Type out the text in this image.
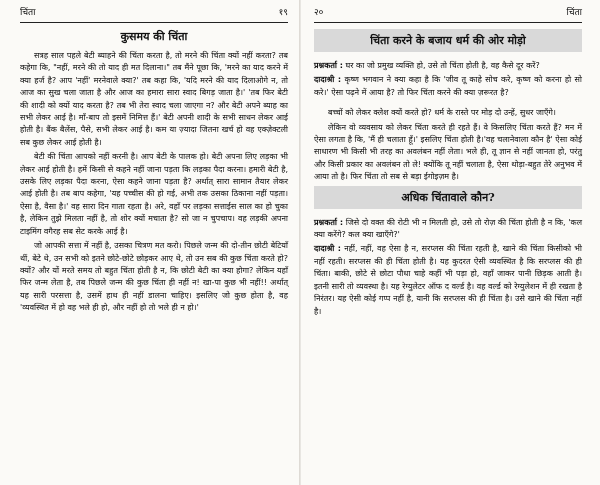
चिंता	१९
कुसमय की चिंता

सत्रह साल पहले बेटी ब्याहने की चिंता करता है, तो मरने की चिंता क्यों नहीं करता? तब कहेगा कि, "नहीं, मरने की तो याद ही मत दिलाना।" तब मैंने पूछा कि, 'मरने का याद करने में क्या हर्ज है? आप 'नहीं' मरनेवाले क्या?' तब कहा कि, 'यदि मरने की याद दिलाओगे न, तो आज का सुख चला जाता है और आज का हमारा सारा स्वाद बिगड़ जाता है।' 'तब फिर बेटी की शादी को क्यों याद करता है? तब भी तेरा स्वाद चला जाएगा न? और बेटी अपने ब्याह का सभी लेकर आई है। माँ-बाप तो इसमें निमित्त हैं।' बेटी अपनी शादी के सभी साधन लेकर आई होती है। बैंक बैलेंस, पैसे, सभी लेकर आई है। कम या ज़्यादा जितना खर्च हो वह एक्ज़ेक्टली सब कुछ लेकर आई होती है।

बेटी की चिंता आपको नहीं करनी है। आप बेटी के पालक हो। बेटी अपना लिए लड़का भी लेकर आई होती है। हमें किसी से कहने नहीं जाना पड़ता कि लड़का पैदा करना। हमारी बेटी है, उसके लिए लड़का पैदा करना, ऐसा कहने जाना पड़ता है? अर्थात् सारा सामान तैयार लेकर आई होती है। तब बाप कहेगा, 'यह पच्चीस की हो गई, अभी तक उसका ठिकाना नहीं पड़ता। ऐसा है, वैसा है।' वह सारा दिन गाता रहता है। अरे, वहाँ पर लड़का सत्ताईस साल का हो चुका है, लेकिन तुझे मिलता नहीं है, तो शोर क्यों मचाता है? सो जा न चुपचाप। वह लड़की अपना टाइमिंग वगैरह सब सेट करके आई है।

जो आपकी सत्ता में नहीं है, उसका चित्रण मत करो। पिछले जन्म की दो-तीन छोटी बेटियाँ थीं, बेटे थे, उन सभी को इतने छोटे-छोटे छोड़कर आए थे, तो उन सब की कुछ चिंता करते हो? क्यों? और यों मरते समय तो बहुत चिंता होती है न, कि छोटी बेटी का क्या होगा? लेकिन यहाँ फिर जन्म लेता है, तब पिछले जन्म की कुछ चिंता ही नहीं न! खा-पा कुछ भी नहीं!! अर्थात् यह सारी परसत्ता है, उसमें हाथ ही नहीं डालना चाहिए। इसलिए जो कुछ होता है, वह 'व्यवस्थित में हो वह भले ही हो, और नहीं हो तो भले ही न हो।'

२०	चिंता
चिंता करने के बजाय धर्म की ओर मोड़ो

प्रश्नकर्ता : घर का जो प्रमुख व्यक्ति हो, उसे तो चिंता होती है, वह कैसे दूर करें?

दादाश्री : कृष्ण भगवान ने क्या कहा है कि 'जीव तू काहे सोच करे, कृष्ण को करना हो सो करे।' ऐसा पढ़ने में आया है? तो फिर चिंता करने की क्या ज़रूरत है?

बच्चों को लेकर क्लेश क्यों करते हो? धर्म के रास्ते पर मोड़ दो उन्हें, सुधर जाएँगे।

लेकिन वो व्यवसाय को लेकर चिंता करते ही रहते हैं। वे किसलिए चिंता करते हैं? मन में ऐसा लगता है कि, 'मैं ही चलाता हूँ।' इसलिए चिंता होती है।'वह चलानेवाला कौन है' ऐसा कोई साधारण भी किसी भी तरह का अवलंबन नहीं लेता। भले ही, तू ज्ञान से नहीं जानता हो, परंतु और किसी प्रकार का अवलंबन तो ले! क्योंकि तू नहीं चलाता है, ऐसा थोड़ा-बहुत तेरे अनुभव में आया तो है। फिर चिंता तो सब से बड़ा ईगोइज़म है।

अधिक चिंतावाले कौन?

प्रश्नकर्ता : जिसे दो वक्त की रोटी भी न मिलती हो, उसे तो रोज़ की चिंता होती है न कि, 'कल क्या करेंगे? कल क्या खाएँगे?'

दादाश्री : नहीं, नहीं, वह ऐसा है न, सरप्लस की चिंता रहती है, खाने की चिंता किसीको भी नहीं रहती। सरप्लस की ही चिंता होती है। यह कुदरत ऐसी व्यवस्थित है कि सरप्लस की ही चिंता। बाकी, छोटे से छोटा पौधा चाहे कहीं भी पड़ा हो, वहाँ जाकर पानी छिड़क आती है। इतनी सारी तो व्यवस्था है। यह रेग्युलेटर ऑफ द वर्ल्ड है। वह वर्ल्ड को रेग्युलेशन में ही रखता है निरंतर। यह ऐसी कोई गप्प नहीं है, यानी कि सरप्लस की ही चिंता है। उसे खाने की चिंता नहीं है।
